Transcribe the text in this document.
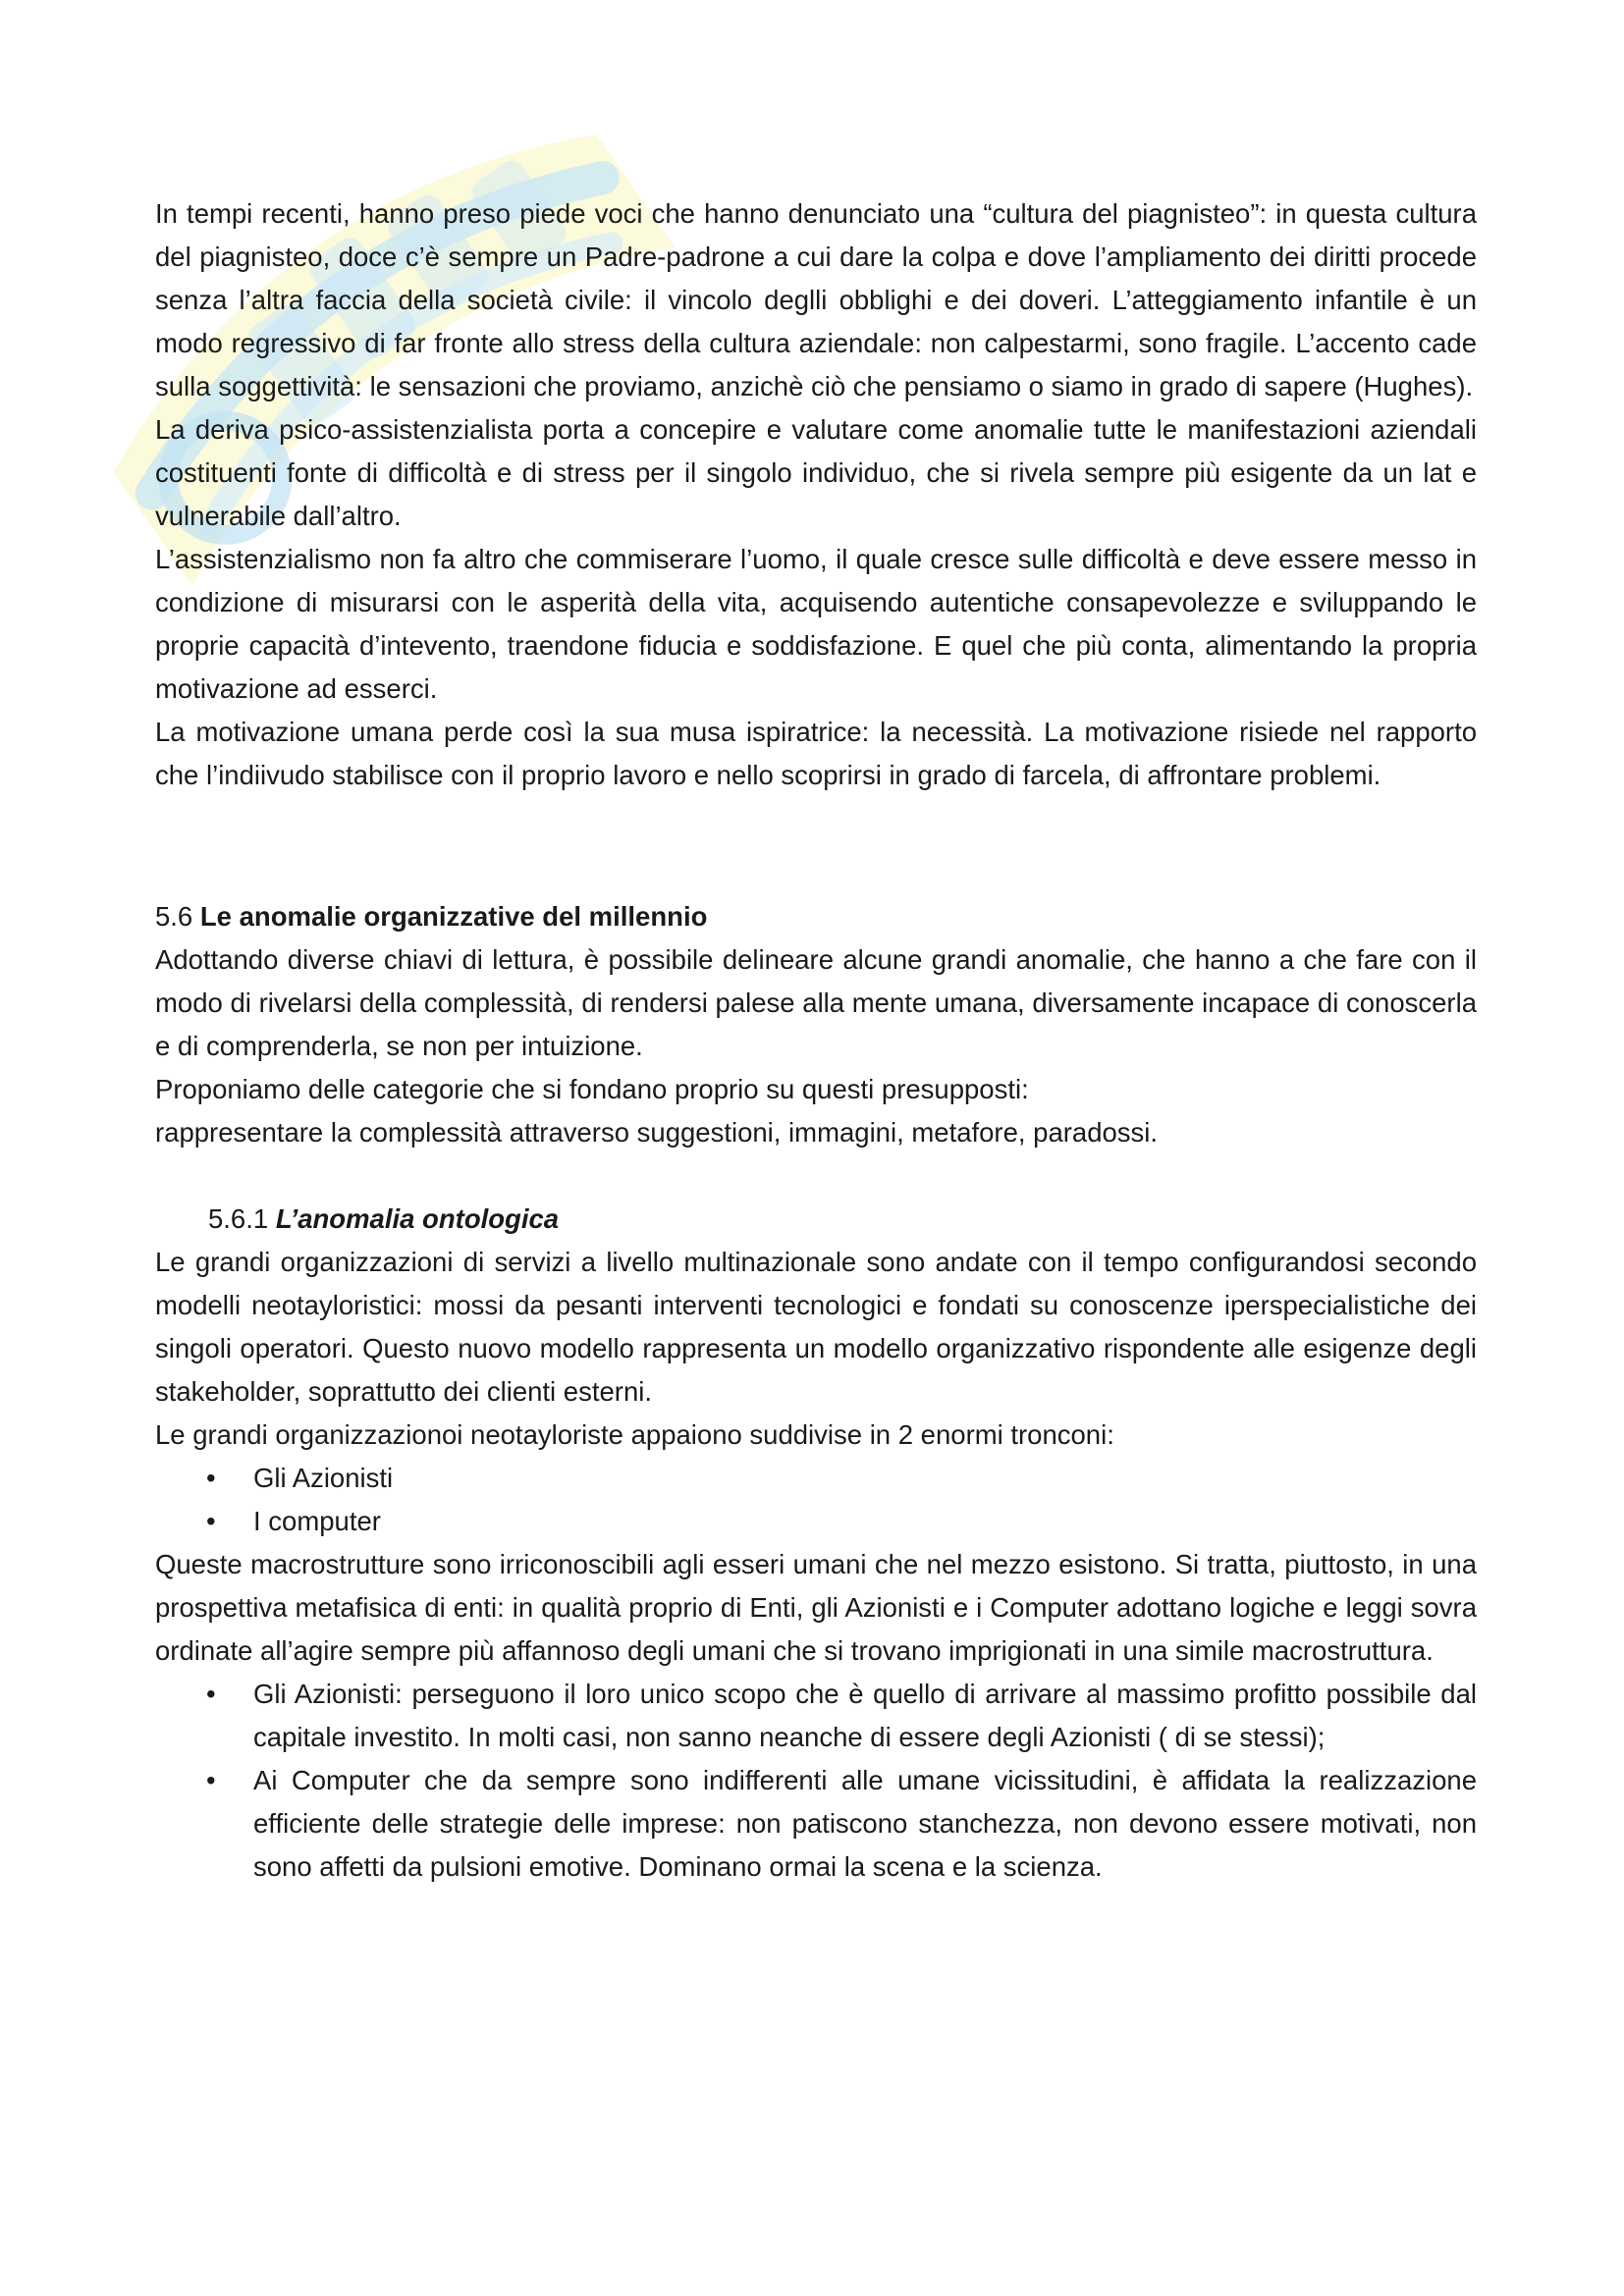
In tempi recenti, hanno preso piede voci che hanno denunciato una “cultura del piagnisteo”: in questa cultura del piagnisteo, doce c’è sempre un Padre-padrone a cui dare la colpa e dove l’ampliamento dei diritti procede senza l’altra faccia della società civile: il vincolo deglli obblighi e dei doveri. L’atteggiamento infantile è un modo regressivo di far fronte allo stress della cultura aziendale: non calpestarmi, sono fragile. L’accento cade sulla soggettività: le sensazioni che proviamo, anzichè ciò che pensiamo o siamo in grado di sapere (Hughes).

La deriva psico-assistenzialista porta a concepire e valutare come anomalie tutte le manifestazioni aziendali costituenti fonte di difficoltà e di stress per il singolo individuo, che si rivela sempre più esigente da un lat e vulnerabile dall’altro.

L’assistenzialismo non fa altro che commiserare l’uomo, il quale cresce sulle difficoltà e deve essere messo in condizione di misurarsi con le asperità della vita, acquisendo autentiche consapevolezze e sviluppando le proprie capacità d’intevento, traendone fiducia e soddisfazione. E quel che più conta, alimentando la propria motivazione ad esserci.

La motivazione umana perde così la sua musa ispiratrice: la necessità. La motivazione risiede nel rapporto che l’indiivudo stabilisce con il proprio lavoro e nello scoprirsi in grado di farcela, di affrontare problemi.

5.6 Le anomalie organizzative del millennio

Adottando diverse chiavi di lettura, è possibile delineare alcune grandi anomalie, che hanno a che fare con il modo di rivelarsi della complessità, di rendersi palese alla mente umana, diversamente incapace di conoscerla e di comprenderla, se non per intuizione.

Proponiamo delle categorie che si fondano proprio su questi presupposti:

rappresentare la complessità attraverso suggestioni, immagini, metafore, paradossi.

5.6.1 L’anomalia ontologica

Le grandi organizzazioni di servizi a livello multinazionale sono andate con il tempo configurandosi secondo modelli neotayloristici: mossi da pesanti interventi tecnologici e fondati su conoscenze iperspecialistiche dei singoli operatori. Questo nuovo modello rappresenta un modello organizzativo rispondente alle esigenze degli stakeholder, soprattutto dei clienti esterni.

Le grandi organizzazionoi neotayloriste appaiono suddivise in 2 enormi tronconi:

• Gli Azionisti
• I computer

Queste macrostrutture sono irriconoscibili agli esseri umani che nel mezzo esistono. Si tratta, piuttosto, in una prospettiva metafisica di enti: in qualità proprio di Enti, gli Azionisti e i Computer adottano logiche e leggi sovra ordinate all’agire sempre più affannoso degli umani che si trovano imprigionati in una simile macrostruttura.

• Gli Azionisti: perseguono il loro unico scopo che è quello di arrivare al massimo profitto possibile dal capitale investito. In molti casi, non sanno neanche di essere degli Azionisti ( di se stessi);
• Ai Computer che da sempre sono indifferenti alle umane vicissitudini, è affidata la realizzazione efficiente delle strategie delle imprese: non patiscono stanchezza, non devono essere motivati, non sono affetti da pulsioni emotive. Dominano ormai la scena e la scienza.
